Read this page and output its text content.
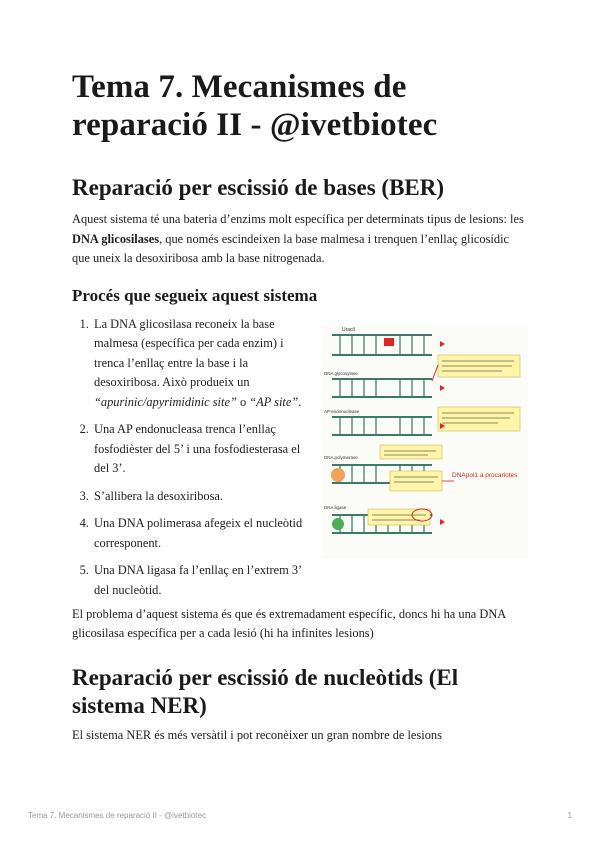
Tema 7. Mecanismes de reparació II - @ivetbiotec
Reparació per escissió de bases (BER)

Aquest sistema té una bateria d’enzims molt específica per determinats tipus de lesions: les DNA glicosilases, que només escindeixen la base malmesa i trenquen l’enllaç glicosídic que uneix la desoxiribosa amb la base nitrogenada.

Procés que segueix aquest sistema
1. La DNA glicosilasa reconeix la base malmesa (específica per cada enzim) i trenca l’enllaç entre la base i la desoxiribosa. Això produeix un “apurinic/apyrimidinic site” o “AP site”.
2. Una AP endonucleasa trenca l’enllaç fosfodièster del 5’ i una fosfodiesterasa el del 3’.
3. S’allibera la desoxiribosa.
4. Una DNA polimerasa afegeix el nucleòtid corresponent.
5. Una DNA ligasa fa l’enllaç en l’extrem 3’ del nucleòtid.
Uracil
DNA glycosylase
AP endonuclease
DNA polymerase
DNApol1 a procariotes
DNA ligase

El problema d’aquest sistema és que és extremadament específic, doncs hi ha una DNA glicosilasa específica per a cada lesió (hi ha infinites lesions)

Reparació per escissió de nucleòtids (El sistema NER)

El sistema NER és més versàtil i pot reconèixer un gran nombre de lesions

Tema 7. Mecanismes de reparació II - @ivetbiotec	1
